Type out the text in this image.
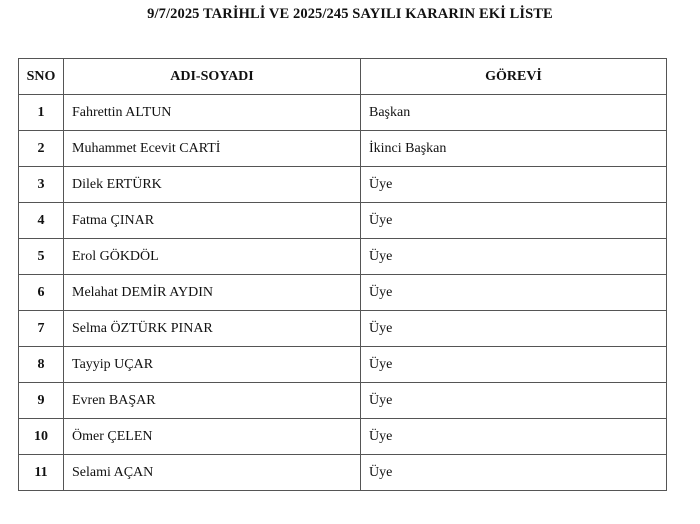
9/7/2025 TARİHLİ VE 2025/245 SAYILI KARARIN EKİ LİSTE
SNO	ADI-SOYADI	GÖREVİ
1	Fahrettin ALTUN	Başkan
2	Muhammet Ecevit CARTİ	İkinci Başkan
3	Dilek ERTÜRK	Üye
4	Fatma ÇINAR	Üye
5	Erol GÖKDÖL	Üye
6	Melahat DEMİR AYDIN	Üye
7	Selma ÖZTÜRK PINAR	Üye
8	Tayyip UÇAR	Üye
9	Evren BAŞAR	Üye
10	Ömer ÇELEN	Üye
11	Selami AÇAN	Üye
